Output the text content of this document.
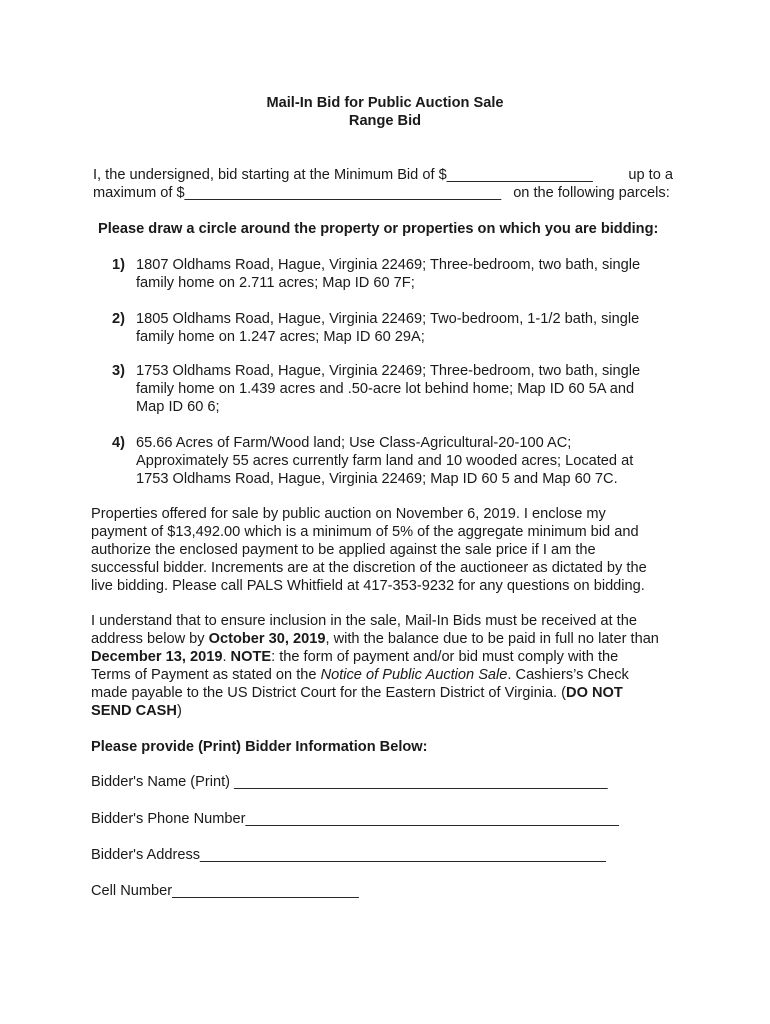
Mail-In Bid for Public Auction Sale
Range Bid
I, the undersigned, bid starting at the Minimum Bid of $__________________ up to a
maximum of $_______________________________________ on the following parcels:
Please draw a circle around the property or properties on which you are bidding:
1) 1807 Oldhams Road, Hague, Virginia 22469; Three-bedroom, two bath, single
family home on 2.711 acres; Map ID 60 7F;
2) 1805 Oldhams Road, Hague, Virginia 22469; Two-bedroom, 1-1/2 bath, single
family home on 1.247 acres; Map ID 60 29A;
3) 1753 Oldhams Road, Hague, Virginia 22469; Three-bedroom, two bath, single
family home on 1.439 acres and .50-acre lot behind home; Map ID 60 5A and
Map ID 60 6;
4) 65.66 Acres of Farm/Wood land; Use Class-Agricultural-20-100 AC;
Approximately 55 acres currently farm land and 10 wooded acres; Located at
1753 Oldhams Road, Hague, Virginia 22469; Map ID 60 5 and Map 60 7C.
Properties offered for sale by public auction on November 6, 2019. I enclose my
payment of $13,492.00 which is a minimum of 5% of the aggregate minimum bid and
authorize the enclosed payment to be applied against the sale price if I am the
successful bidder. Increments are at the discretion of the auctioneer as dictated by the
live bidding. Please call PALS Whitfield at 417-353-9232 for any questions on bidding.
I understand that to ensure inclusion in the sale, Mail-In Bids must be received at the
address below by October 30, 2019, with the balance due to be paid in full no later than
December 13, 2019. NOTE: the form of payment and/or bid must comply with the
Terms of Payment as stated on the Notice of Public Auction Sale. Cashiers’s Check
made payable to the US District Court for the Eastern District of Virginia. (DO NOT
SEND CASH)
Please provide (Print) Bidder Information Below:
Bidder's Name (Print) ______________________________________________
Bidder's Phone Number______________________________________________
Bidder's Address__________________________________________________
Cell Number_______________________
